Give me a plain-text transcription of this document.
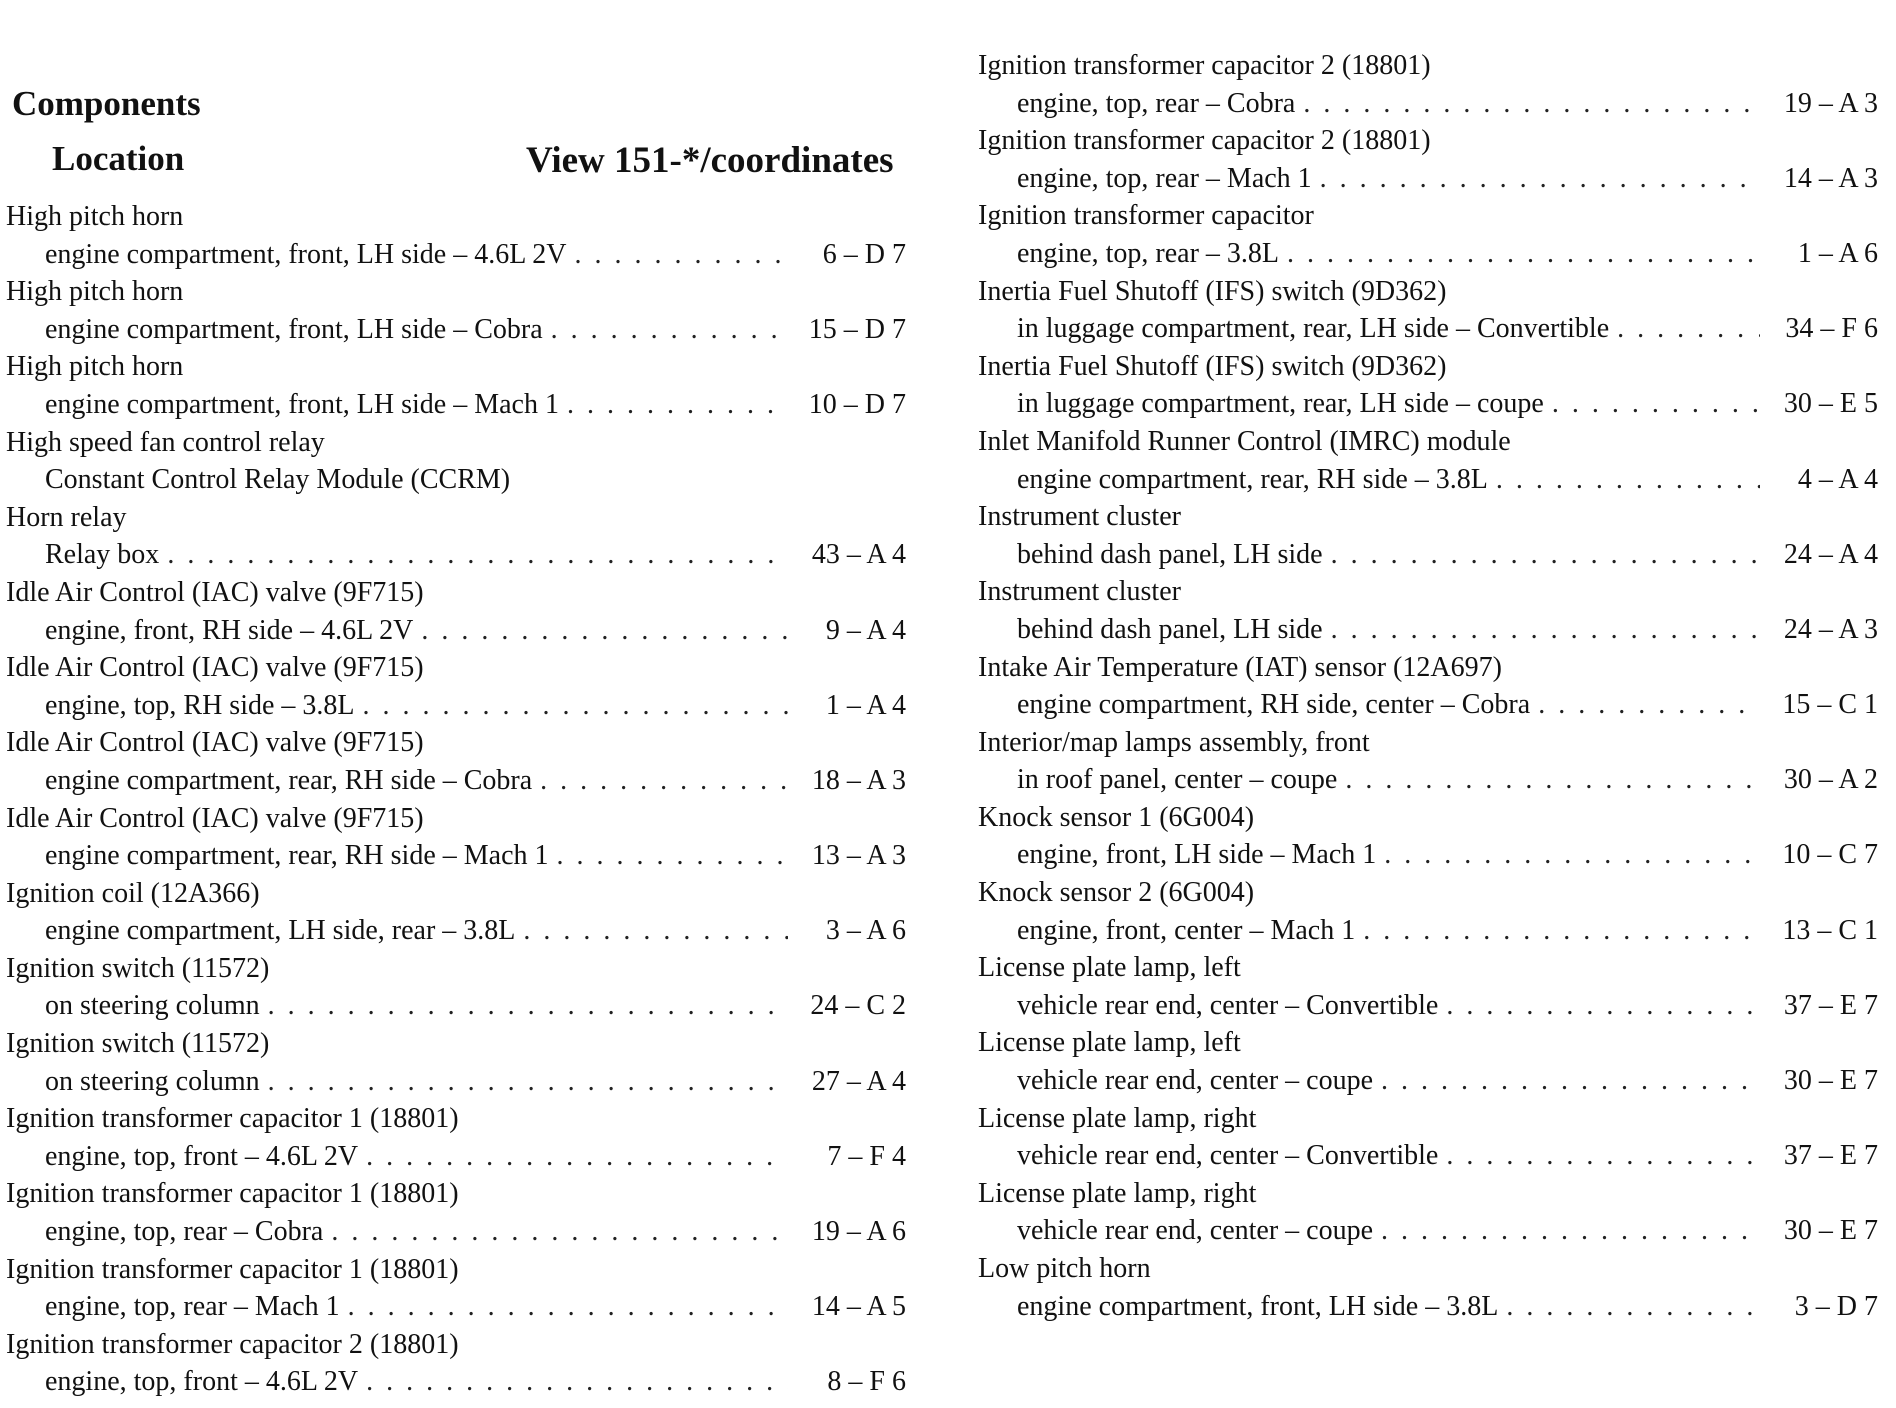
Components
Location	View 151-*/coordinates
High pitch horn
engine compartment, front, LH side – 4.6L 2V . . .	6 – D 7
High pitch horn
engine compartment, front, LH side – Cobra . . .	15 – D 7
High pitch horn
engine compartment, front, LH side – Mach 1 . . .	10 – D 7
High speed fan control relay
Constant Control Relay Module (CCRM)
Horn relay
Relay box . . .	43 – A 4
Idle Air Control (IAC) valve (9F715)
engine, front, RH side – 4.6L 2V . . .	9 – A 4
Idle Air Control (IAC) valve (9F715)
engine, top, RH side – 3.8L . . .	1 – A 4
Idle Air Control (IAC) valve (9F715)
engine compartment, rear, RH side – Cobra . . .	18 – A 3
Idle Air Control (IAC) valve (9F715)
engine compartment, rear, RH side – Mach 1 . . .	13 – A 3
Ignition coil (12A366)
engine compartment, LH side, rear – 3.8L . . .	3 – A 6
Ignition switch (11572)
on steering column . . .	24 – C 2
Ignition switch (11572)
on steering column . . .	27 – A 4
Ignition transformer capacitor 1 (18801)
engine, top, front – 4.6L 2V . . .	7 – F 4
Ignition transformer capacitor 1 (18801)
engine, top, rear – Cobra . . .	19 – A 6
Ignition transformer capacitor 1 (18801)
engine, top, rear – Mach 1 . . .	14 – A 5
Ignition transformer capacitor 2 (18801)
engine, top, front – 4.6L 2V . . .	8 – F 6
Ignition transformer capacitor 2 (18801)
engine, top, rear – Cobra . . .	19 – A 3
Ignition transformer capacitor 2 (18801)
engine, top, rear – Mach 1 . . .	14 – A 3
Ignition transformer capacitor
engine, top, rear – 3.8L . . .	1 – A 6
Inertia Fuel Shutoff (IFS) switch (9D362)
in luggage compartment, rear, LH side – Convertible . . .	34 – F 6
Inertia Fuel Shutoff (IFS) switch (9D362)
in luggage compartment, rear, LH side – coupe . . .	30 – E 5
Inlet Manifold Runner Control (IMRC) module
engine compartment, rear, RH side – 3.8L . . .	4 – A 4
Instrument cluster
behind dash panel, LH side . . .	24 – A 4
Instrument cluster
behind dash panel, LH side . . .	24 – A 3
Intake Air Temperature (IAT) sensor (12A697)
engine compartment, RH side, center – Cobra . . .	15 – C 1
Interior/map lamps assembly, front
in roof panel, center – coupe . . .	30 – A 2
Knock sensor 1 (6G004)
engine, front, LH side – Mach 1 . . .	10 – C 7
Knock sensor 2 (6G004)
engine, front, center – Mach 1 . . .	13 – C 1
License plate lamp, left
vehicle rear end, center – Convertible . . .	37 – E 7
License plate lamp, left
vehicle rear end, center – coupe . . .	30 – E 7
License plate lamp, right
vehicle rear end, center – Convertible . . .	37 – E 7
License plate lamp, right
vehicle rear end, center – coupe . . .	30 – E 7
Low pitch horn
engine compartment, front, LH side – 3.8L . . .	3 – D 7
